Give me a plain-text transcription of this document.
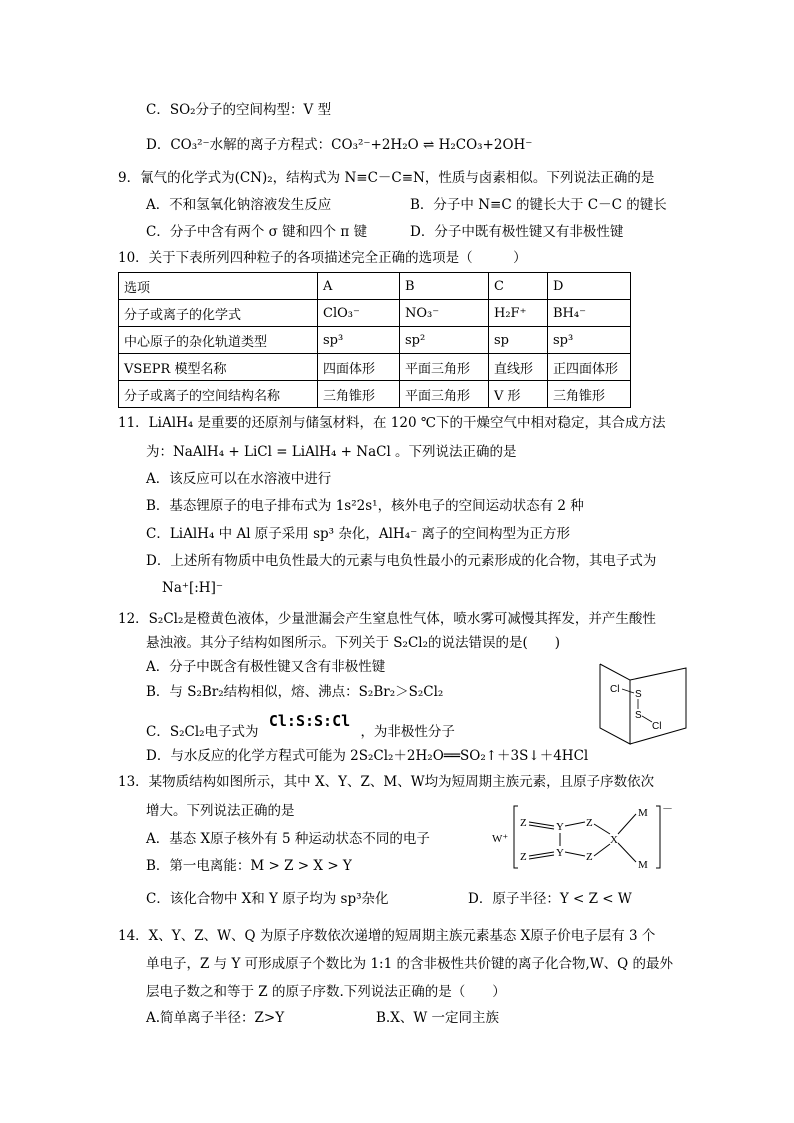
C．SO₂分子的空间构型：V 型
D．CO₃²⁻水解的离子方程式：CO₃²⁻+2H₂O ⇌ H₂CO₃+2OH⁻
9．氰气的化学式为(CN)₂，结构式为 N≡C－C≡N，性质与卤素相似。下列说法正确的是
A．不和氢氧化钠溶液发生反应	B．分子中 N≡C 的键长大于 C－C 的键长
C．分子中含有两个 σ 键和四个 π 键	D．分子中既有极性键又有非极性键
10．关于下表所列四种粒子的各项描述完全正确的选项是（　　　）
选项	A	B	C	D
分子或离子的化学式	ClO₃⁻	NO₃⁻	H₂F⁺	BH₄⁻
中心原子的杂化轨道类型	sp³	sp²	sp	sp³
VSEPR 模型名称	四面体形	平面三角形	直线形	正四面体形
分子或离子的空间结构名称	三角锥形	平面三角形	V 形	三角锥形
11．LiAlH₄ 是重要的还原剂与储氢材料，在 120 ℃下的干燥空气中相对稳定，其合成方法
为：NaAlH₄ + LiCl = LiAlH₄ + NaCl 。下列说法正确的是
A．该反应可以在水溶液中进行
B．基态锂原子的电子排布式为 1s²2s¹，核外电子的空间运动状态有 2 种
C．LiAlH₄ 中 Al 原子采用 sp³ 杂化，AlH₄⁻ 离子的空间构型为正方形
D．上述所有物质中电负性最大的元素与电负性最小的元素形成的化合物，其电子式为
Na⁺[:H]⁻
12．S₂Cl₂是橙黄色液体，少量泄漏会产生窒息性气体，喷水雾可减慢其挥发，并产生酸性
悬浊液。其分子结构如图所示。下列关于 S₂Cl₂的说法错误的是(　　)
A．分子中既含有极性键又含有非极性键
B．与 S₂Br₂结构相似，熔、沸点：S₂Br₂＞S₂Cl₂
C．S₂Cl₂电子式为 Cl:S:S:Cl ，为非极性分子
D．与水反应的化学方程式可能为 2S₂Cl₂＋2H₂O══SO₂↑＋3S↓＋4HCl
Cl S
S
Cl
13．某物质结构如图所示，其中 X、Y、Z、M、W均为短周期主族元素，且原子序数依次
增大。下列说法正确的是
A．基态 X原子核外有 5 种运动状态不同的电子
B．第一电离能：M > Z > X > Y
C．该化合物中 X和 Y 原子均为 sp³杂化	D．原子半径：Y < Z < W
W⁺
－
Z
Z
Y
Y
Z
Z
X
M
M
14．X、Y、Z、W、Q 为原子序数依次递增的短周期主族元素基态 X原子价电子层有 3 个
单电子，Z 与 Y 可形成原子个数比为 1:1 的含非极性共价键的离子化合物,W、Q 的最外
层电子数之和等于 Z 的原子序数.下列说法正确的是（　　）
A.简单离子半径：Z>Y	B.X、W 一定同主族
